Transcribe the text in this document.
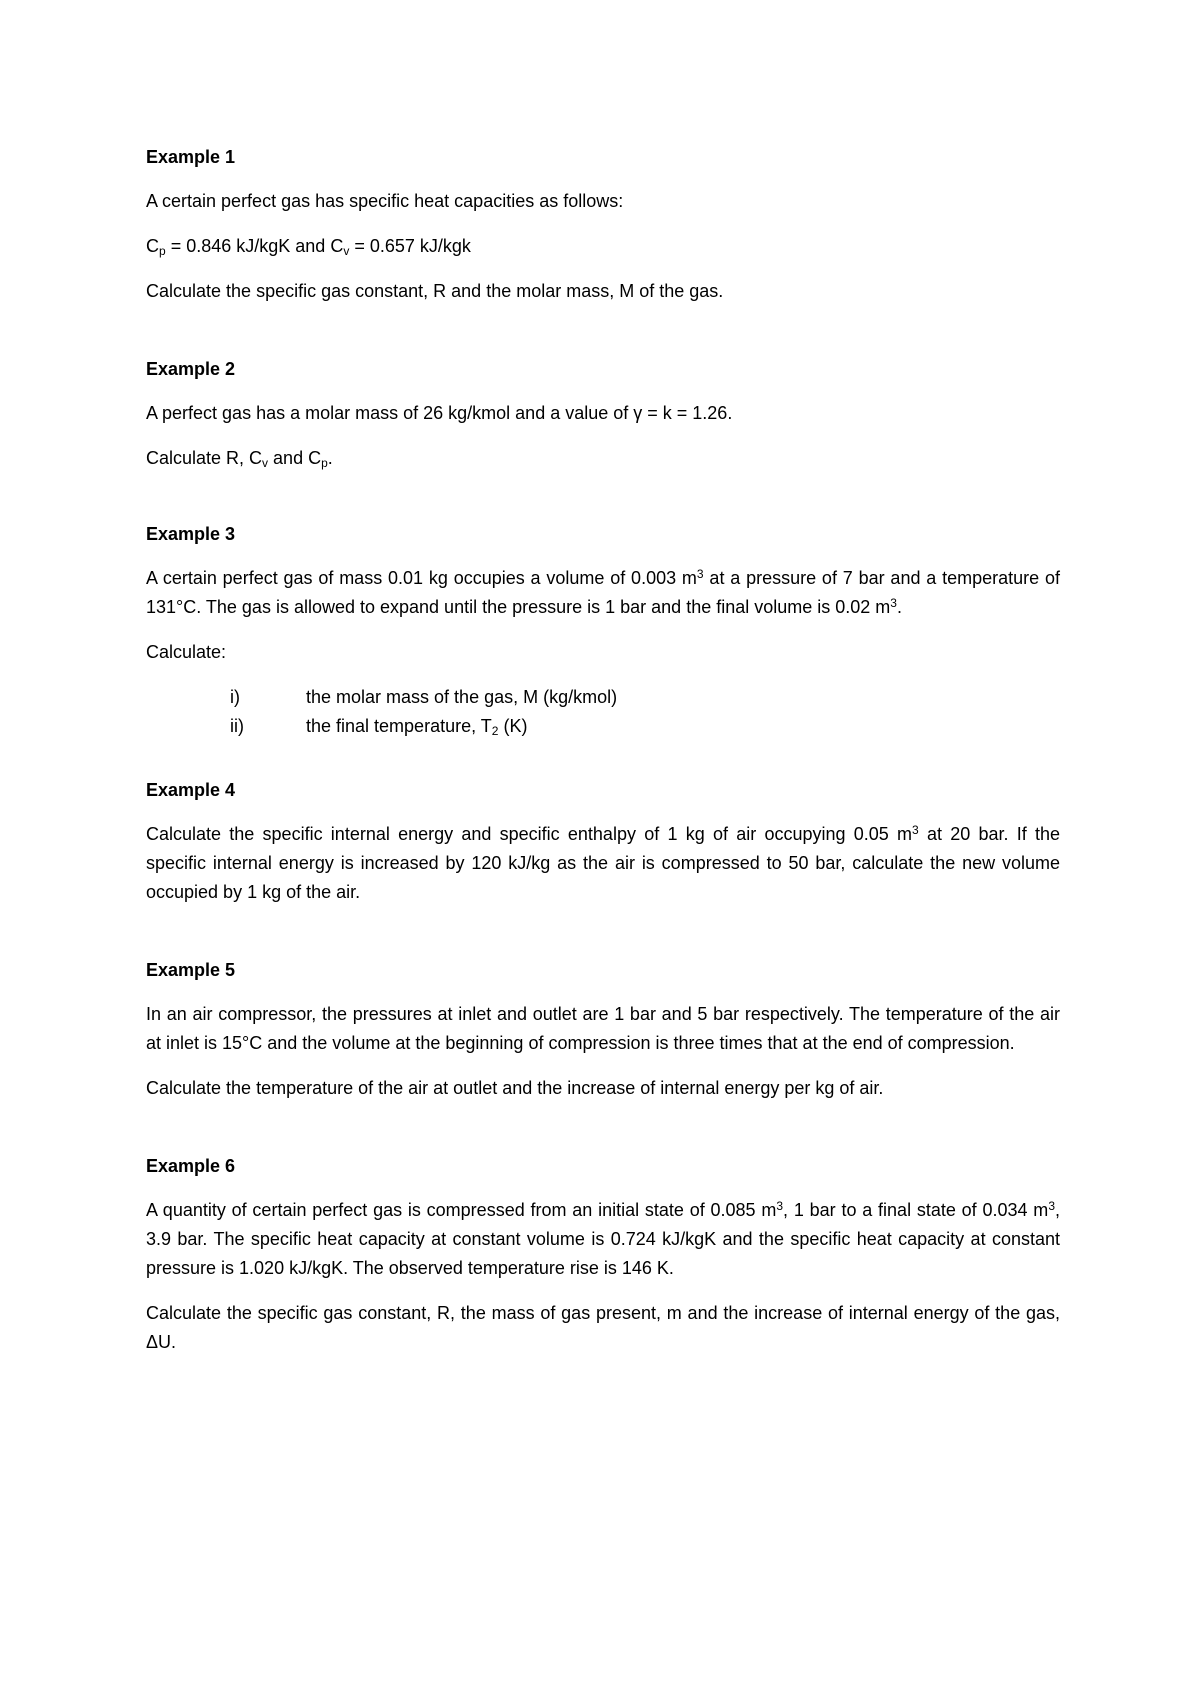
Example 1

A certain perfect gas has specific heat capacities as follows:

$C_p = 0.846$ kJ/kgK and $C_v = 0.657$ kJ/kgk

Calculate the specific gas constant, R and the molar mass, M of the gas.

Example 2

A perfect gas has a molar mass of 26 kg/kmol and a value of γ = k = 1.26.

Calculate R, $C_v$ and $C_p$.

Example 3

A certain perfect gas of mass 0.01 kg occupies a volume of 0.003 $m^3$ at a pressure of 7 bar and a temperature of 131°C. The gas is allowed to expand until the pressure is 1 bar and the final volume is 0.02 $m^3$.

Calculate:

i)	the molar mass of the gas, M (kg/kmol)
ii)	the final temperature, $T_2$ (K)
Example 4

Calculate the specific internal energy and specific enthalpy of 1 kg of air occupying 0.05 $m^3$ at 20 bar. If the specific internal energy is increased by 120 kJ/kg as the air is compressed to 50 bar, calculate the new volume occupied by 1 kg of the air.

Example 5

In an air compressor, the pressures at inlet and outlet are 1 bar and 5 bar respectively. The temperature of the air at inlet is 15°C and the volume at the beginning of compression is three times that at the end of compression.

Calculate the temperature of the air at outlet and the increase of internal energy per kg of air.

Example 6

A quantity of certain perfect gas is compressed from an initial state of 0.085 $m^3$, 1 bar to a final state of 0.034 $m^3$, 3.9 bar. The specific heat capacity at constant volume is 0.724 kJ/kgK and the specific heat capacity at constant pressure is 1.020 kJ/kgK. The observed temperature rise is 146 K.

Calculate the specific gas constant, R, the mass of gas present, m and the increase of internal energy of the gas, ΔU.
